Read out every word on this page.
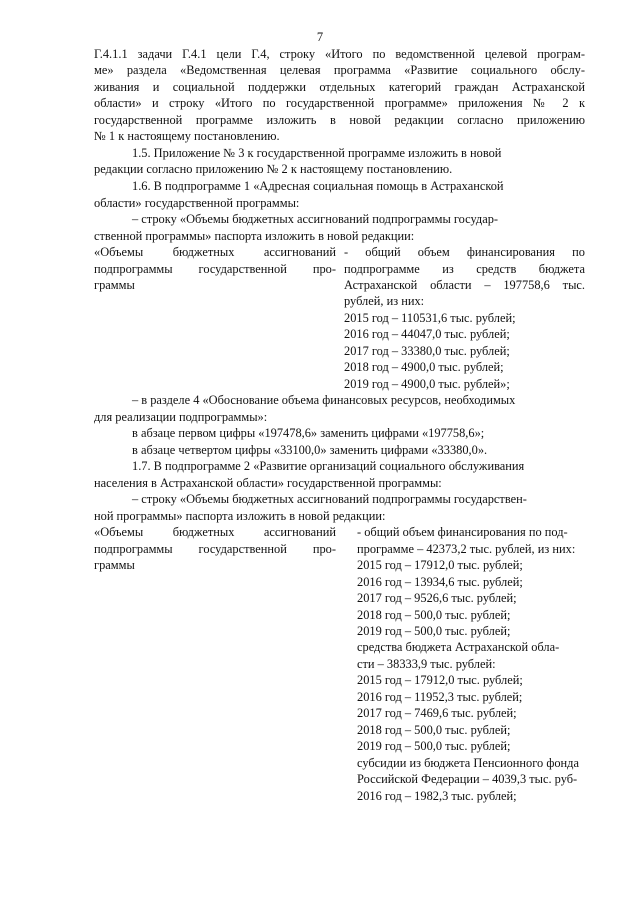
7
Г.4.1.1 задачи Г.4.1 цели Г.4, строку «Итого по ведомственной целевой програм-
ме» раздела «Ведомственная целевая программа «Развитие социального обслу-
живания и социальной поддержки отдельных категорий граждан Астраханской
области» и строку «Итого по государственной программе» приложения № 2 к
государственной программе изложить в новой редакции согласно приложению
№ 1 к настоящему постановлению.
1.5. Приложение № 3 к государственной программе изложить в новой
редакции согласно приложению № 2 к настоящему постановлению.
1.6. В подпрограмме 1 «Адресная социальная помощь в Астраханской
области» государственной программы:
– строку «Объемы бюджетных ассигнований подпрограммы государ-
ственной программы» паспорта изложить в новой редакции:
«Объемы бюджетных ассигнований - общий объем финансирования по
подпрограммы государственной про- подпрограмме из средств бюджета
граммы	Астраханской области – 197758,6 тыс.
рублей, из них:
2015 год – 110531,6 тыс. рублей;
2016 год – 44047,0 тыс. рублей;
2017 год – 33380,0 тыс. рублей;
2018 год – 4900,0 тыс. рублей;
2019 год – 4900,0 тыс. рублей»;
– в разделе 4 «Обоснование объема финансовых ресурсов, необходимых
для реализации подпрограммы»:
в абзаце первом цифры «197478,6» заменить цифрами «197758,6»;
в абзаце четвертом цифры «33100,0» заменить цифрами «33380,0».
1.7. В подпрограмме 2 «Развитие организаций социального обслуживания
населения в Астраханской области» государственной программы:
– строку «Объемы бюджетных ассигнований подпрограммы государствен-
ной программы» паспорта изложить в новой редакции:
«Объемы бюджетных ассигнований - общий объем финансирования по под-
подпрограммы государственной про- программе – 42373,2 тыс. рублей, из них:
граммы	2015 год – 17912,0 тыс. рублей;
2016 год – 13934,6 тыс. рублей;
2017 год – 9526,6 тыс. рублей;
2018 год – 500,0 тыс. рублей;
2019 год – 500,0 тыс. рублей;
средства бюджета Астраханской обла-
сти – 38333,9 тыс. рублей:
2015 год – 17912,0 тыс. рублей;
2016 год – 11952,3 тыс. рублей;
2017 год – 7469,6 тыс. рублей;
2018 год – 500,0 тыс. рублей;
2019 год – 500,0 тыс. рублей;
субсидии из бюджета Пенсионного фонда
Российской Федерации – 4039,3 тыс. руб-
2016 год – 1982,3 тыс. рублей;
